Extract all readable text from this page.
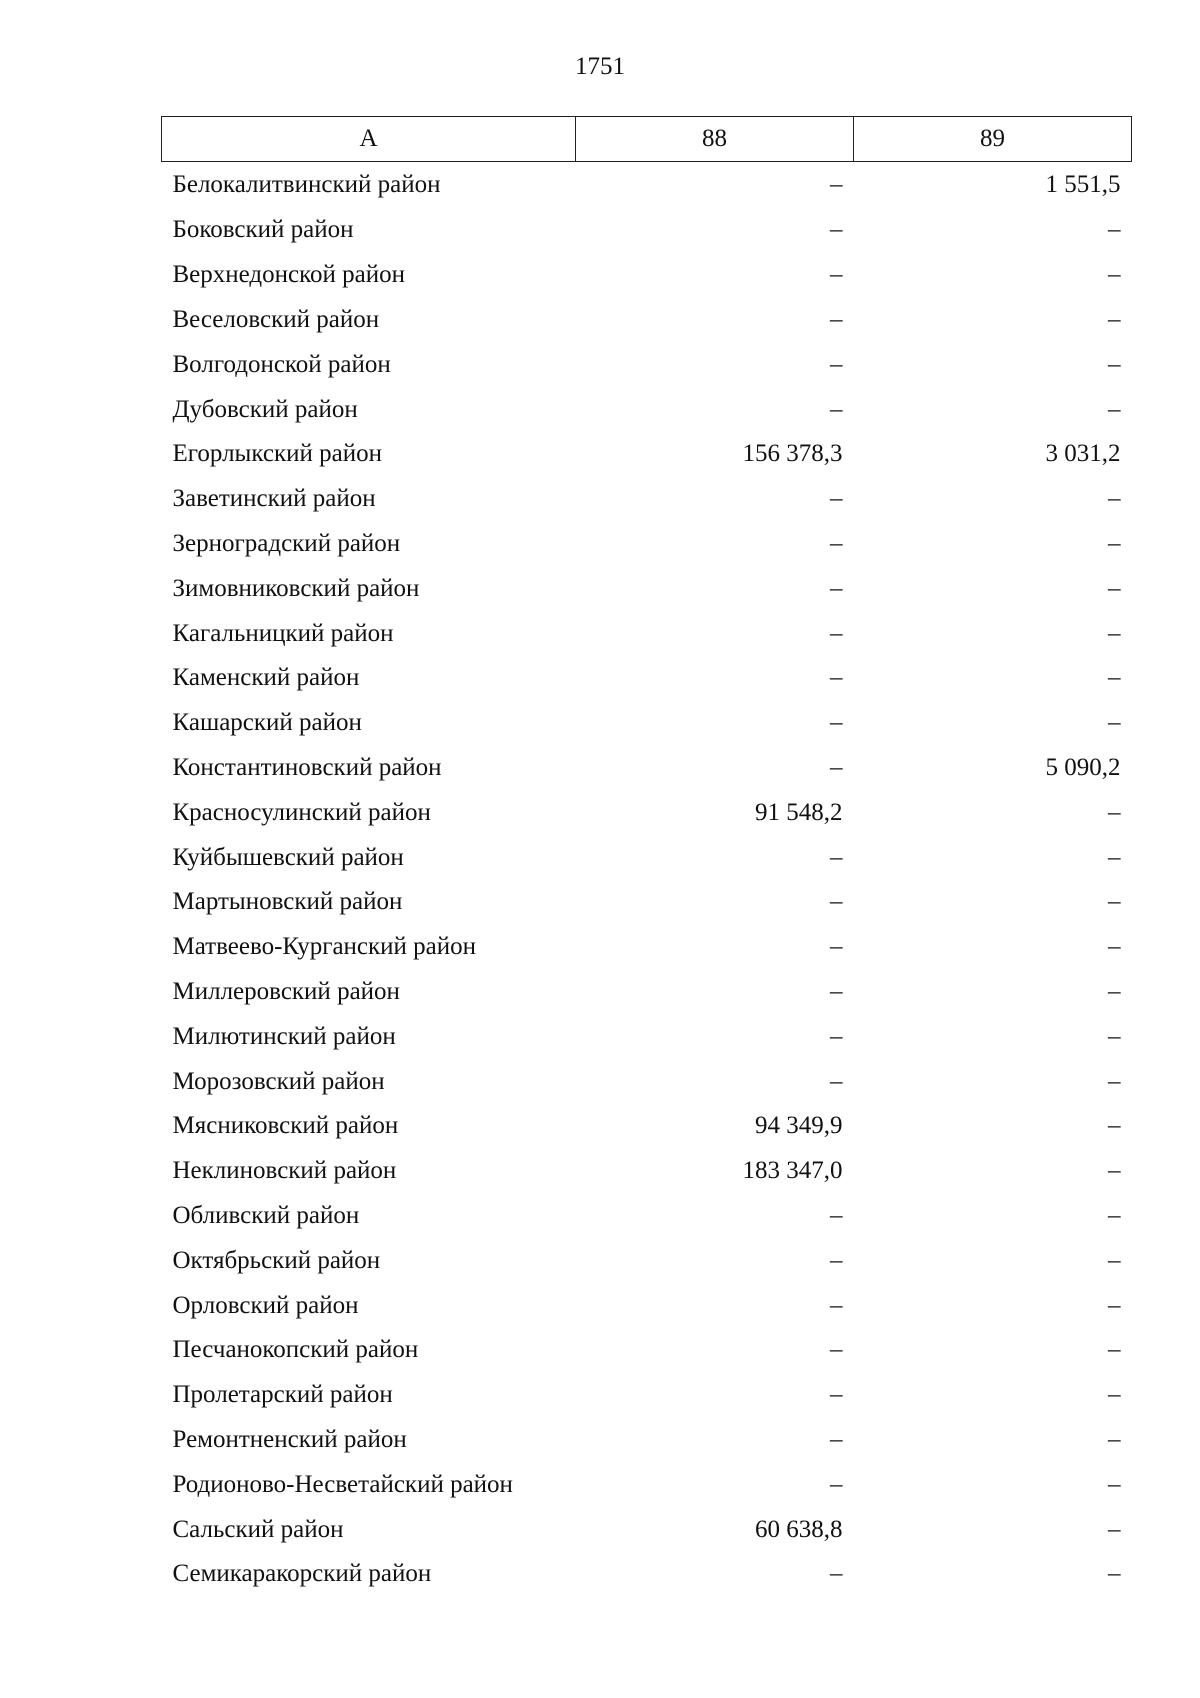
1751
А	88	89
Белокалитвинский район	–	1 551,5
Боковский район	–	–
Верхнедонской район	–	–
Веселовский район	–	–
Волгодонской район	–	–
Дубовский район	–	–
Егорлыкский район	156 378,3	3 031,2
Заветинский район	–	–
Зерноградский район	–	–
Зимовниковский район	–	–
Кагальницкий район	–	–
Каменский район	–	–
Кашарский район	–	–
Константиновский район	–	5 090,2
Красносулинский район	91 548,2	–
Куйбышевский район	–	–
Мартыновский район	–	–
Матвеево-Курганский район	–	–
Миллеровский район	–	–
Милютинский район	–	–
Морозовский район	–	–
Мясниковский район	94 349,9	–
Неклиновский район	183 347,0	–
Обливский район	–	–
Октябрьский район	–	–
Орловский район	–	–
Песчанокопский район	–	–
Пролетарский район	–	–
Ремонтненский район	–	–
Родионово-Несветайский район	–	–
Сальский район	60 638,8	–
Семикаракорский район	–	–
